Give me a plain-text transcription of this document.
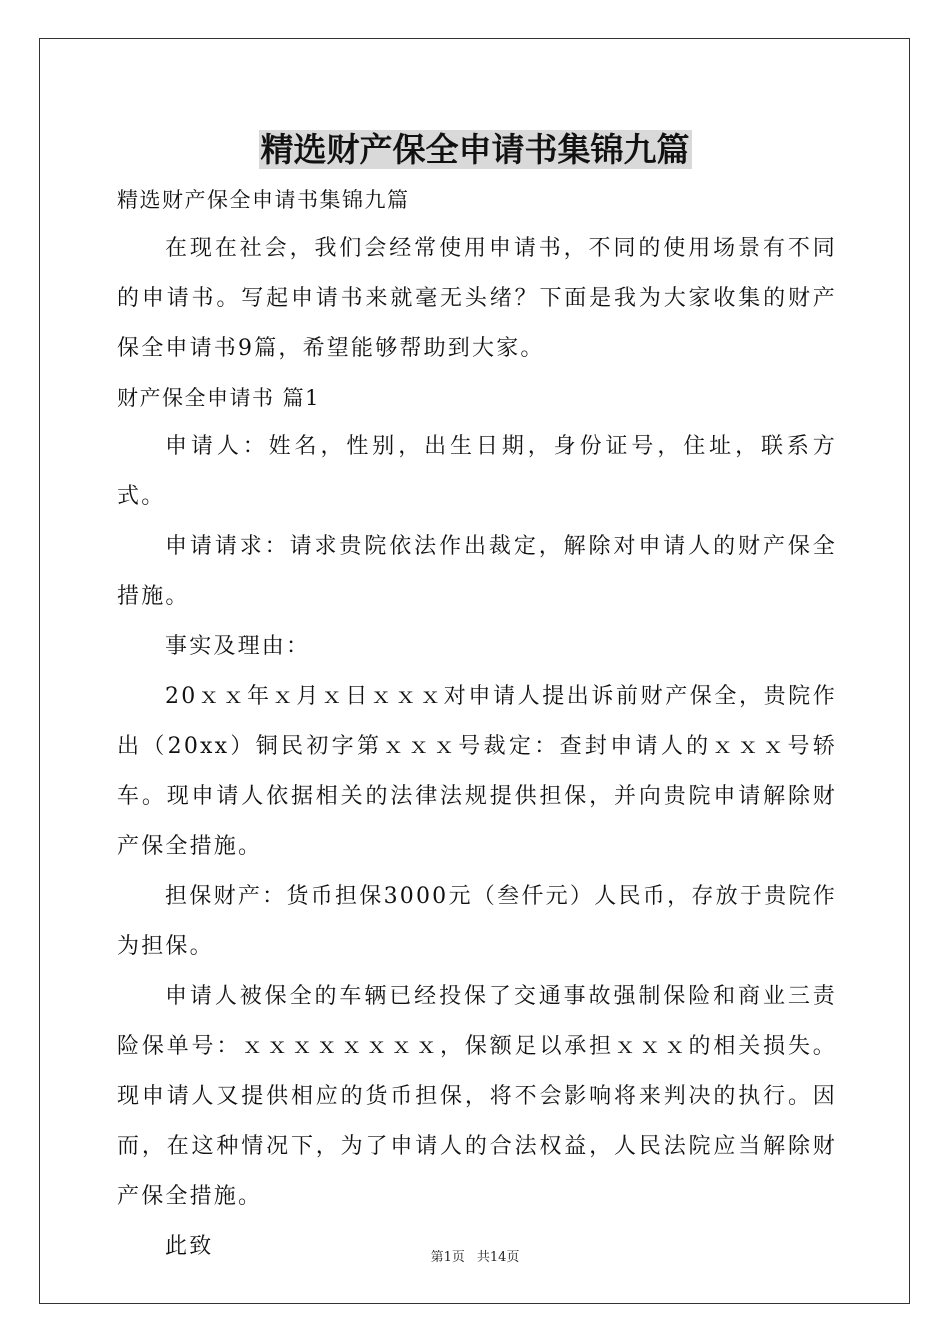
精选财产保全申请书集锦九篇

精选财产保全申请书集锦九篇

在现在社会，我们会经常使用申请书，不同的使用场景有不同的申请书。写起申请书来就毫无头绪？下面是我为大家收集的财产保全申请书9篇，希望能够帮助到大家。

财产保全申请书 篇1

申请人：姓名，性别，出生日期，身份证号，住址，联系方式。

申请请求：请求贵院依法作出裁定，解除对申请人的财产保全措施。

事实及理由：

20ｘｘ年ｘ月ｘ日ｘｘｘ对申请人提出诉前财产保全，贵院作出（20xx）铜民初字第ｘｘｘ号裁定：查封申请人的ｘｘｘ号轿车。现申请人依据相关的法律法规提供担保，并向贵院申请解除财产保全措施。

担保财产：货币担保3000元（叁仟元）人民币，存放于贵院作为担保。

申请人被保全的车辆已经投保了交通事故强制保险和商业三责险保单号：ｘｘｘｘｘｘｘｘ，保额足以承担ｘｘｘ的相关损失。现申请人又提供相应的货币担保，将不会影响将来判决的执行。因而，在这种情况下，为了申请人的合法权益，人民法院应当解除财产保全措施。

此致	第1页 共14页
